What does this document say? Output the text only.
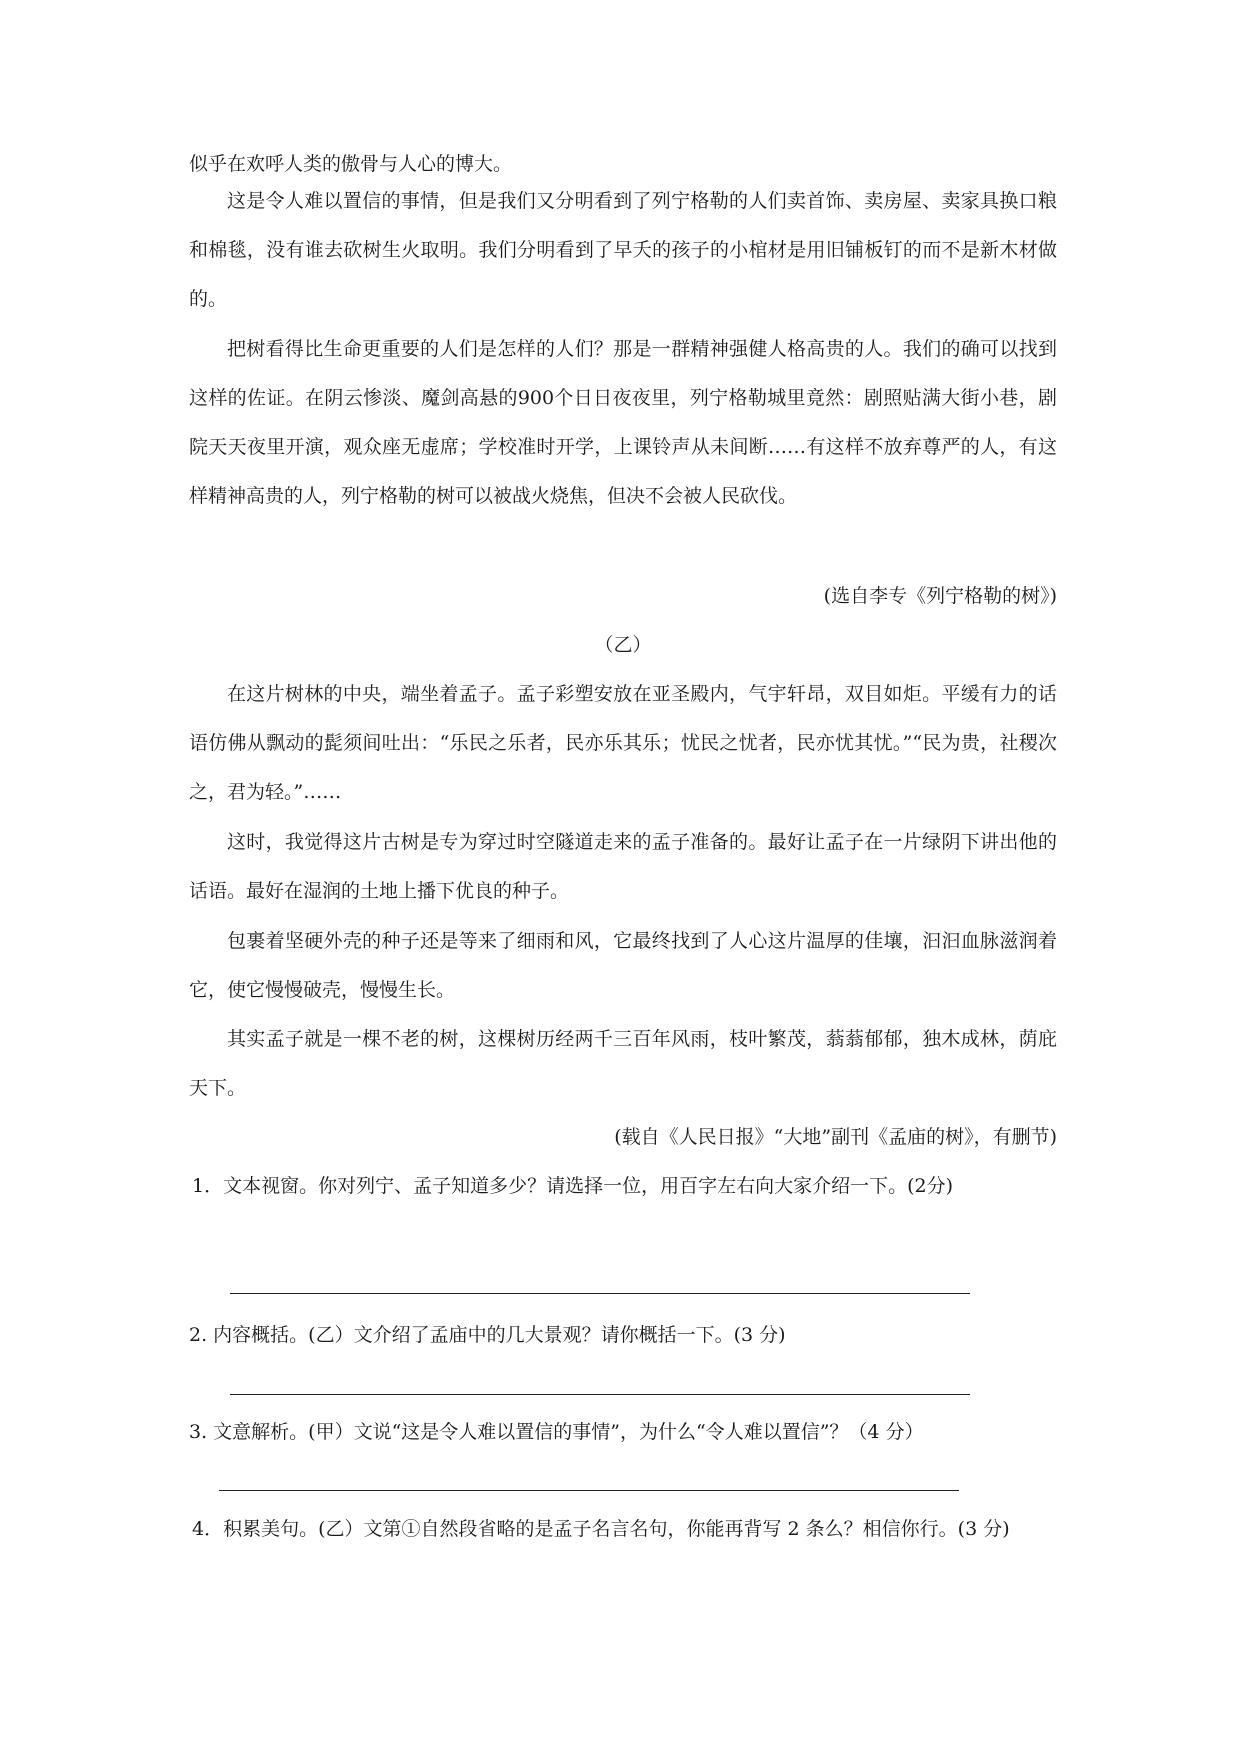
似乎在欢呼人类的傲骨与人心的博大。

这是令人难以置信的事情，但是我们又分明看到了列宁格勒的人们卖首饰、卖房屋、卖家具换口粮和棉毯，没有谁去砍树生火取明。我们分明看到了早夭的孩子的小棺材是用旧铺板钉的而不是新木材做的。

把树看得比生命更重要的人们是怎样的人们？那是一群精神强健人格高贵的人。我们的确可以找到这样的佐证。在阴云惨淡、魔剑高悬的900个日日夜夜里，列宁格勒城里竟然：剧照贴满大街小巷，剧院天天夜里开演，观众座无虚席；学校准时开学，上课铃声从未间断……有这样不放弃尊严的人，有这样精神高贵的人，列宁格勒的树可以被战火烧焦，但决不会被人民砍伐。

(选自李专《列宁格勒的树》)

（乙）

在这片树林的中央，端坐着孟子。孟子彩塑安放在亚圣殿内，气宇轩昂，双目如炬。平缓有力的话语仿佛从飘动的髭须间吐出：“乐民之乐者，民亦乐其乐；忧民之忧者，民亦忧其忧。”“民为贵，社稷次之，君为轻。”……

这时，我觉得这片古树是专为穿过时空隧道走来的孟子准备的。最好让孟子在一片绿阴下讲出他的话语。最好在湿润的土地上播下优良的种子。

包裹着坚硬外壳的种子还是等来了细雨和风，它最终找到了人心这片温厚的佳壤，汩汩血脉滋润着它，使它慢慢破壳，慢慢生长。

其实孟子就是一棵不老的树，这棵树历经两千三百年风雨，枝叶繁茂，蓊蓊郁郁，独木成林，荫庇天下。

(载自《人民日报》“大地”副刊《孟庙的树》，有删节)

1．文本视窗。你对列宁、孟子知道多少？请选择一位，用百字左右向大家介绍一下。(2分)

2. 内容概括。(乙）文介绍了孟庙中的几大景观？请你概括一下。(3 分)

3. 文意解析。(甲）文说“这是令人难以置信的事情”，为什么“令人难以置信”？（4 分）

4．积累美句。(乙）文第①自然段省略的是孟子名言名句，你能再背写 2 条么？相信你行。(3 分)
